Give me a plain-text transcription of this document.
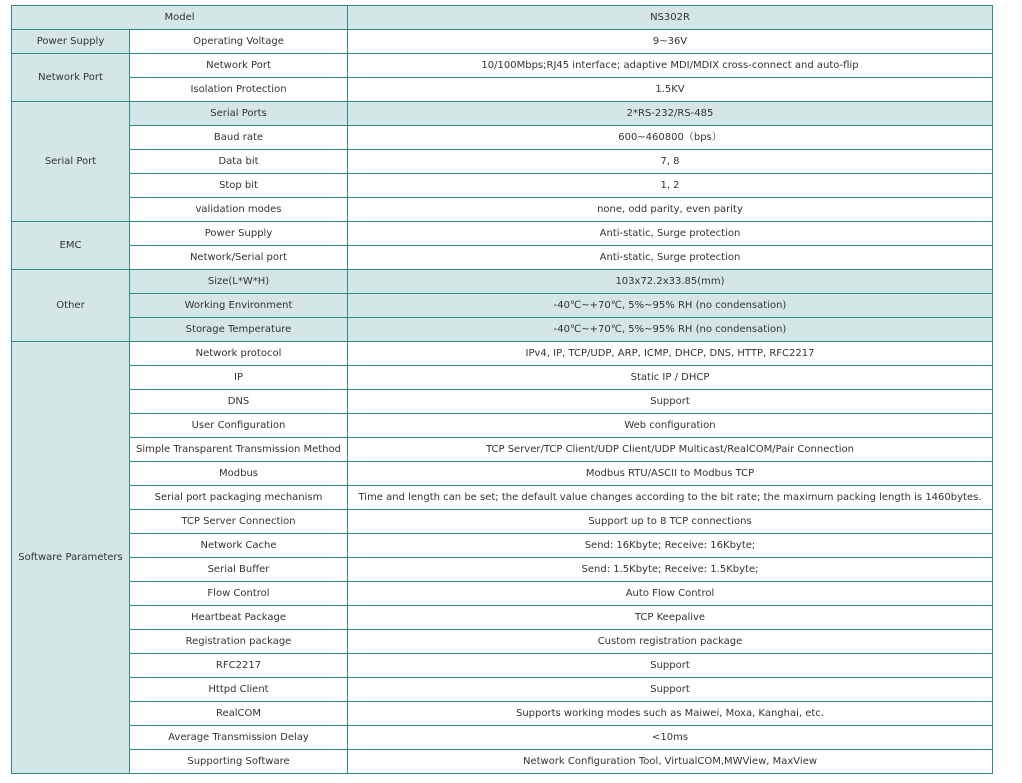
Model		NS302R
Power Supply	Operating Voltage	9~36V
Network Port	Network Port	10/100Mbps;RJ45 interface; adaptive MDI/MDIX cross-connect and auto-flip
	Isolation Protection	1.5KV
Serial Port	Serial Ports	2*RS-232/RS-485
	Baud rate	600~460800（bps）
	Data bit	7, 8
	Stop bit	1, 2
	validation modes	none, odd parity, even parity
EMC	Power Supply	Anti-static, Surge protection
	Network/Serial port	Anti-static, Surge protection
Other	Size(L*W*H)	103x72.2x33.85(mm)
	Working Environment	-40℃~+70℃, 5%~95% RH (no condensation)
	Storage Temperature	-40℃~+70℃, 5%~95% RH (no condensation)
Software Parameters	Network protocol	IPv4, IP, TCP/UDP, ARP, ICMP, DHCP, DNS, HTTP, RFC2217
	IP	Static IP / DHCP
	DNS	Support
	User Configuration	Web configuration
	Simple Transparent Transmission Method	TCP Server/TCP Client/UDP Client/UDP Multicast/RealCOM/Pair Connection
	Modbus	Modbus RTU/ASCII to Modbus TCP
	Serial port packaging mechanism	Time and length can be set; the default value changes according to the bit rate; the maximum packing length is 1460bytes.
	TCP Server Connection	Support up to 8 TCP connections
	Network Cache	Send: 16Kbyte; Receive: 16Kbyte;
	Serial Buffer	Send: 1.5Kbyte; Receive: 1.5Kbyte;
	Flow Control	Auto Flow Control
	Heartbeat Package	TCP Keepalive
	Registration package	Custom registration package
	RFC2217	Support
	Httpd Client	Support
	RealCOM	Supports working modes such as Maiwei, Moxa, Kanghai, etc.
	Average Transmission Delay	<10ms
	Supporting Software	Network Configuration Tool, VirtualCOM,MWView, MaxView
